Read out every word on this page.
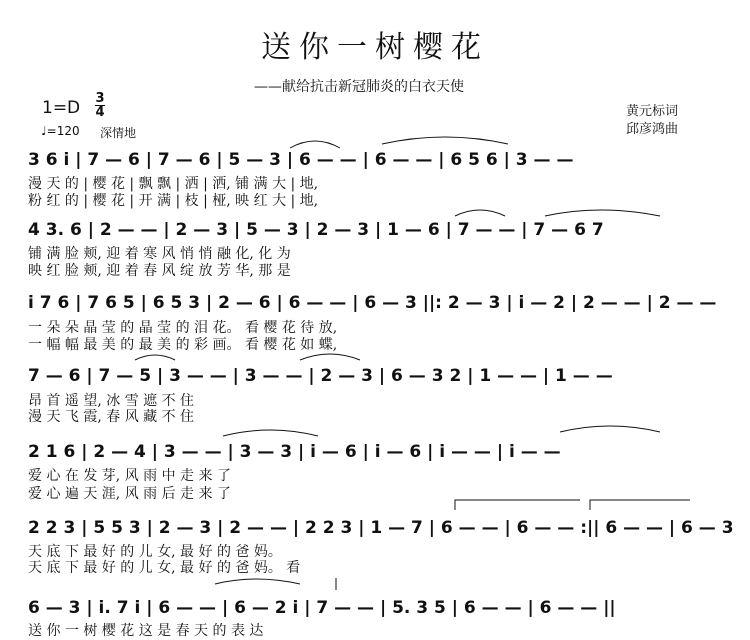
送你一树樱花
——献给抗击新冠肺炎的白衣天使
1=D 3
4
♩=120 深情地
黄元标词
邱彦鸿曲
3 6 i | 7 — 6 | 7 — 6 | 5 — 3 | 6 — — | 6 — — | 6 5 6 | 3 — —
漫 天 的 | 樱 花 | 飘 飘 | 洒 | 洒, 铺 满 大 | 地,
粉 红 的 | 樱 花 | 开 满 | 枝 | 桠, 映 红 大 | 地,
4 3. 6 | 2 — — | 2 — 3 | 5 — 3 | 2 — 3 | 1 — 6 | 7 — — | 7 — 6 7
铺 满 脸 颊, 迎 着 寒 风 悄 悄 融 化, 化 为
映 红 脸 颊, 迎 着 春 风 绽 放 芳 华, 那 是
i 7 6 | 7 6 5 | 6 5 3 | 2 — 6 | 6 — — | 6 — 3 ||: 2 — 3 | i — 2 | 2 — — | 2 — —
一 朵 朵 晶 莹 的 晶 莹 的 泪 花。 看 樱 花 待 放,
一 幅 幅 最 美 的 最 美 的 彩 画。 看 樱 花 如 蝶,
7 — 6 | 7 — 5 | 3 — — | 3 — — | 2 — 3 | 6 — 3 2 | 1 — — | 1 — —
昂 首 遥 望, 冰 雪 遮 不 住
漫 天 飞 霞, 春 风 藏 不 住
2 1 6 | 2 — 4 | 3 — — | 3 — 3 | i — 6 | i — 6 | i — — | i — —
爱 心 在 发 芽, 风 雨 中 走 来 了
爱 心 遍 天 涯, 风 雨 后 走 来 了
2 2 3 | 5 5 3 | 2 — 3 | 2 — — | 2 2 3 | 1 — 7 | 6 — — | 6 — — :|| 6 — — | 6 — 3
天 底 下 最 好 的 儿 女, 最 好 的 爸 妈。
天 底 下 最 好 的 儿 女, 最 好 的 爸 妈。 看
6 — 3 | i. 7 i | 6 — — | 6 — 2 i | 7 — — | 5. 3 5 | 6 — — | 6 — — ||
送 你 一 树 樱 花 这 是 春 天 的 表 达
